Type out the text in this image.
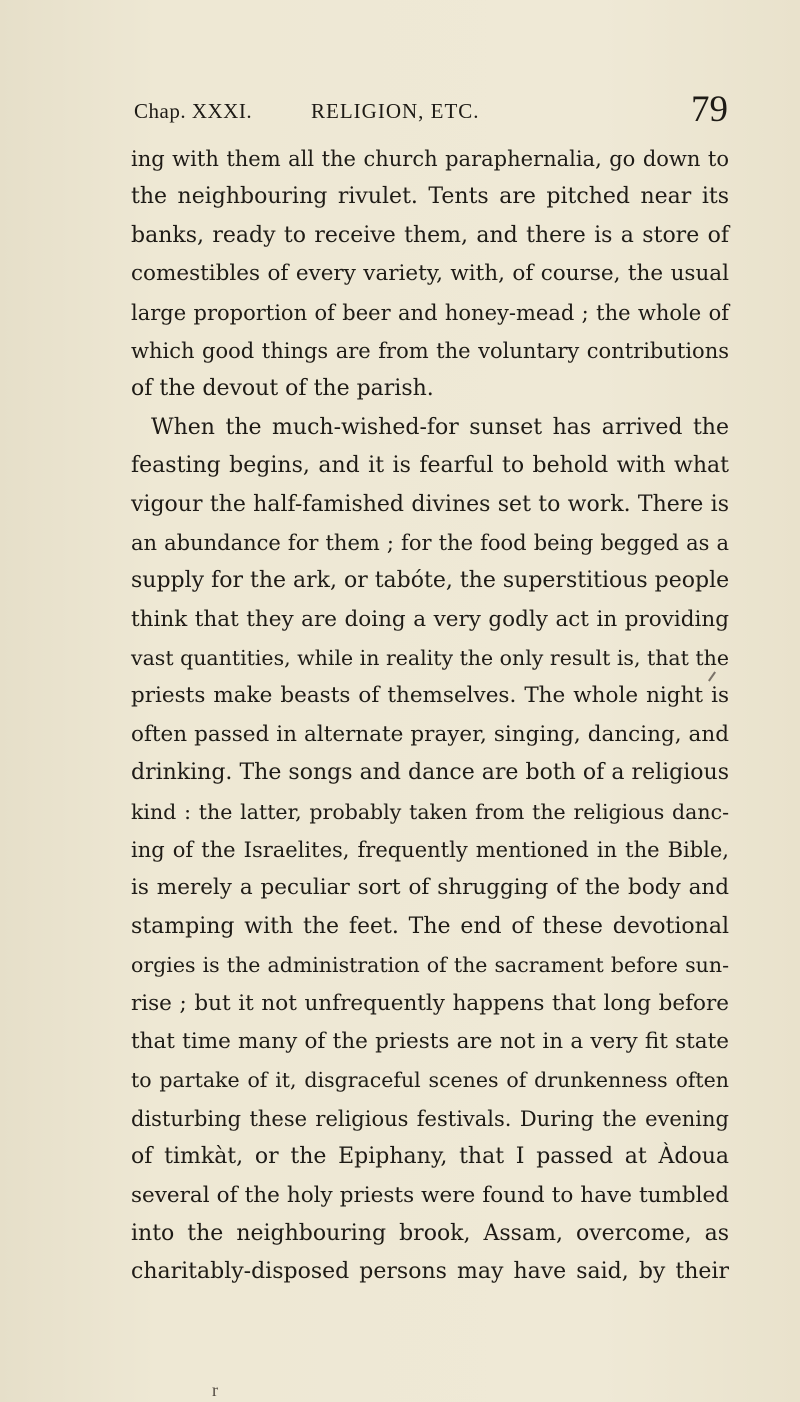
Chap. XXXI.	RELIGION, ETC.	79
ing with them all the church paraphernalia, go down to
the neighbouring rivulet. Tents are pitched near its
banks, ready to receive them, and there is a store of
comestibles of every variety, with, of course, the usual
large proportion of beer and honey-mead ; the whole of
which good things are from the voluntary contributions
of the devout of the parish.
When the much-wished-for sunset has arrived the
feasting begins, and it is fearful to behold with what
vigour the half-famished divines set to work. There is
an abundance for them ; for the food being begged as a
supply for the ark, or tabóte, the superstitious people
think that they are doing a very godly act in providing
vast quantities, while in reality the only result is, that the
priests make beasts of themselves. The whole night is
often passed in alternate prayer, singing, dancing, and
drinking. The songs and dance are both of a religious
kind : the latter, probably taken from the religious danc-
ing of the Israelites, frequently mentioned in the Bible,
is merely a peculiar sort of shrugging of the body and
stamping with the feet. The end of these devotional
orgies is the administration of the sacrament before sun-
rise ; but it not unfrequently happens that long before
that time many of the priests are not in a very fit state
to partake of it, disgraceful scenes of drunkenness often
disturbing these religious festivals. During the evening
of timkàt, or the Epiphany, that I passed at Àdoua
several of the holy priests were found to have tumbled
into the neighbouring brook, Assam, overcome, as
charitably-disposed persons may have said, by their
r
